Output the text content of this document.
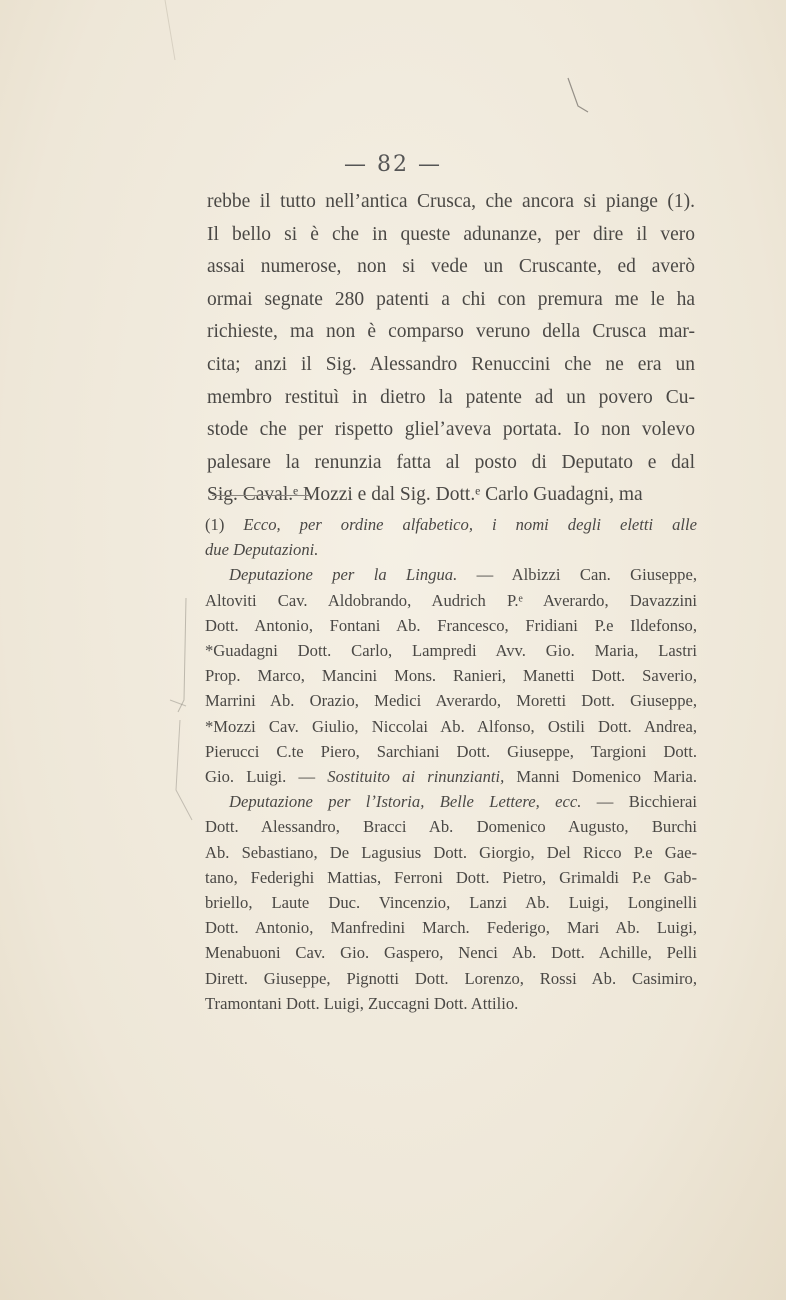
— 82 —
rebbe il tutto nell’antica Crusca, che ancora si piange (1).
Il bello si è che in queste adunanze, per dire il vero
assai numerose, non si vede un Cruscante, ed averò
ormai segnate 280 patenti a chi con premura me le ha
richieste, ma non è comparso veruno della Crusca mar-
cita; anzi il Sig. Alessandro Renuccini che ne era un
membro restituì in dietro la patente ad un povero Cu-
stode che per rispetto glielʼaveva portata. Io non volevo
palesare la renunzia fatta al posto di Deputato e dal
Sig. Caval.ᵉ Mozzi e dal Sig. Dott.ᵉ Carlo Guadagni, ma
(1) Ecco, per ordine alfabetico, i nomi degli eletti alle
due Deputazioni.
Deputazione per la Lingua. — Albizzi Can. Giuseppe,
Altoviti Cav. Aldobrando, Audrich P.ᵉ Averardo, Davazzini
Dott. Antonio, Fontani Ab. Francesco, Fridiani P.e Ildefonso,
*Guadagni Dott. Carlo, Lampredi Avv. Gio. Maria, Lastri
Prop. Marco, Mancini Mons. Ranieri, Manetti Dott. Saverio,
Marrini Ab. Orazio, Medici Averardo, Moretti Dott. Giuseppe,
*Mozzi Cav. Giulio, Niccolai Ab. Alfonso, Ostili Dott. Andrea,
Pierucci C.te Piero, Sarchiani Dott. Giuseppe, Targioni Dott.
Gio. Luigi. — Sostituito ai rinunzianti, Manni Domenico Maria.
Deputazione per lʼIstoria, Belle Lettere, ecc. — Bicchierai
Dott. Alessandro, Bracci Ab. Domenico Augusto, Burchi
Ab. Sebastiano, De Lagusius Dott. Giorgio, Del Ricco P.e Gae-
tano, Federighi Mattias, Ferroni Dott. Pietro, Grimaldi P.e Gab-
briello, Laute Duc. Vincenzio, Lanzi Ab. Luigi, Longinelli
Dott. Antonio, Manfredini March. Federigo, Mari Ab. Luigi,
Menabuoni Cav. Gio. Gaspero, Nenci Ab. Dott. Achille, Pelli
Dirett. Giuseppe, Pignotti Dott. Lorenzo, Rossi Ab. Casimiro,
Tramontani Dott. Luigi, Zuccagni Dott. Attilio.
